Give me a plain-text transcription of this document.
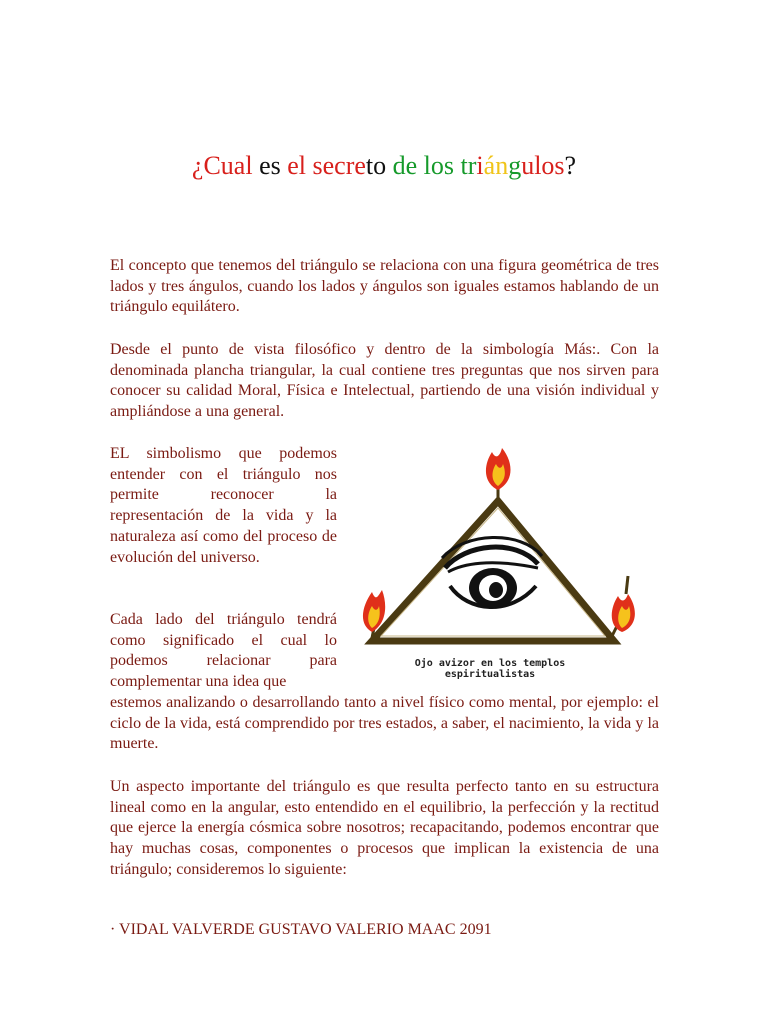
¿Cual es el secreto de los triángulos?

El concepto que tenemos del triángulo se relaciona con una figura geométrica de tres lados y tres ángulos, cuando los lados y ángulos son iguales estamos hablando de un triángulo equilátero.

Desde el punto de vista filosófico y dentro de la simbología Más:. Con la denominada plancha triangular, la cual contiene tres preguntas que nos sirven para conocer su calidad Moral, Física e Intelectual, partiendo de una visión individual y ampliándose a una general.

EL simbolismo que podemos entender con el triángulo nos permite reconocer la representación de la vida y la naturaleza así como del proceso de evolución del universo.

Cada lado del triángulo tendrá como significado el cual lo podemos relacionar para complementar una idea que

estemos analizando o desarrollando tanto a nivel físico como mental, por ejemplo: el ciclo de la vida, está comprendido por tres estados, a saber, el nacimiento, la vida y la muerte.

Un aspecto importante del triángulo es que resulta perfecto tanto en su estructura lineal como en la angular, esto entendido en el equilibrio, la perfección y la rectitud que ejerce la energía cósmica sobre nosotros; recapacitando, podemos encontrar que hay muchas cosas, componentes o procesos que implican la existencia de una triángulo; consideremos lo siguiente:

· VIDAL VALVERDE GUSTAVO VALERIO MAAC 2091

Ojo avizor en los templos
espiritualistas
